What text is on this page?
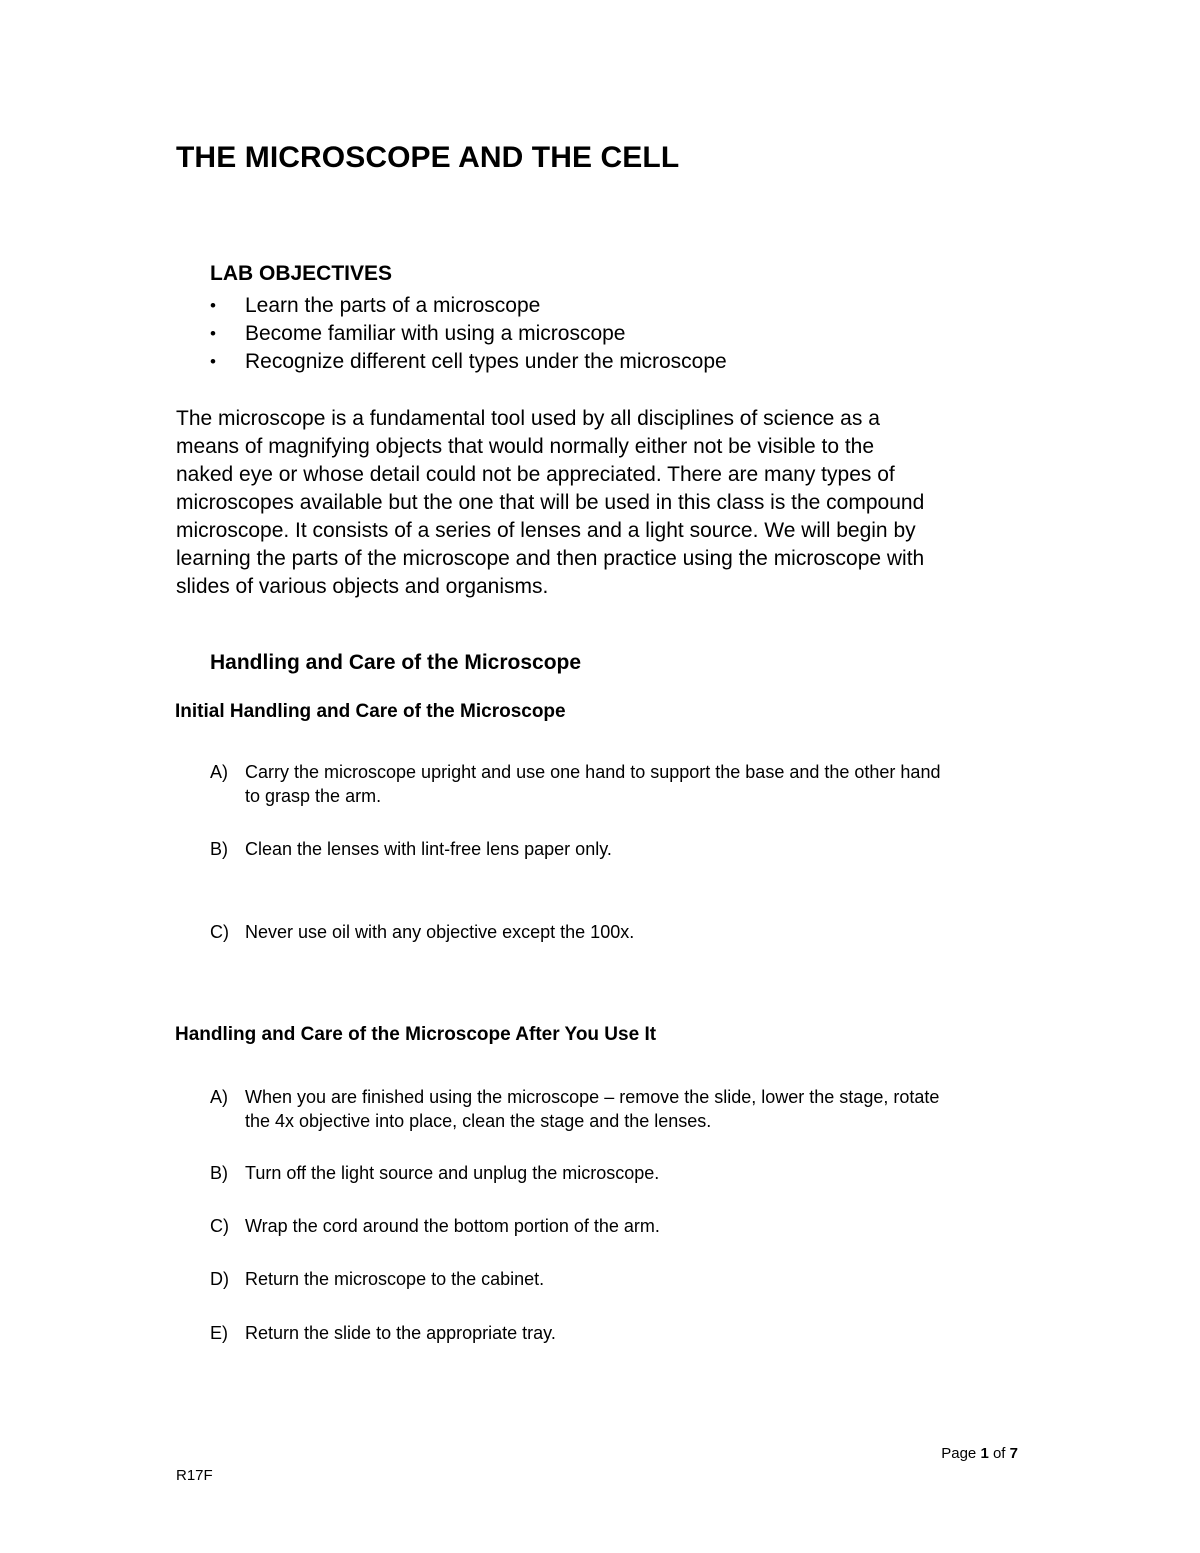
THE MICROSCOPE AND THE CELL
LAB OBJECTIVES
• Learn the parts of a microscope
• Become familiar with using a microscope
• Recognize different cell types under the microscope
The microscope is a fundamental tool used by all disciplines of science as a
means of magnifying objects that would normally either not be visible to the
naked eye or whose detail could not be appreciated. There are many types of
microscopes available but the one that will be used in this class is the compound
microscope. It consists of a series of lenses and a light source. We will begin by
learning the parts of the microscope and then practice using the microscope with
slides of various objects and organisms.
Handling and Care of the Microscope
Initial Handling and Care of the Microscope
A) Carry the microscope upright and use one hand to support the base and the other hand
to grasp the arm.
B) Clean the lenses with lint-free lens paper only.
C) Never use oil with any objective except the 100x.
Handling and Care of the Microscope After You Use It
A) When you are finished using the microscope – remove the slide, lower the stage, rotate
the 4x objective into place, clean the stage and the lenses.
B) Turn off the light source and unplug the microscope.
C) Wrap the cord around the bottom portion of the arm.
D) Return the microscope to the cabinet.
E) Return the slide to the appropriate tray.
Page 1 of 7
R17F
